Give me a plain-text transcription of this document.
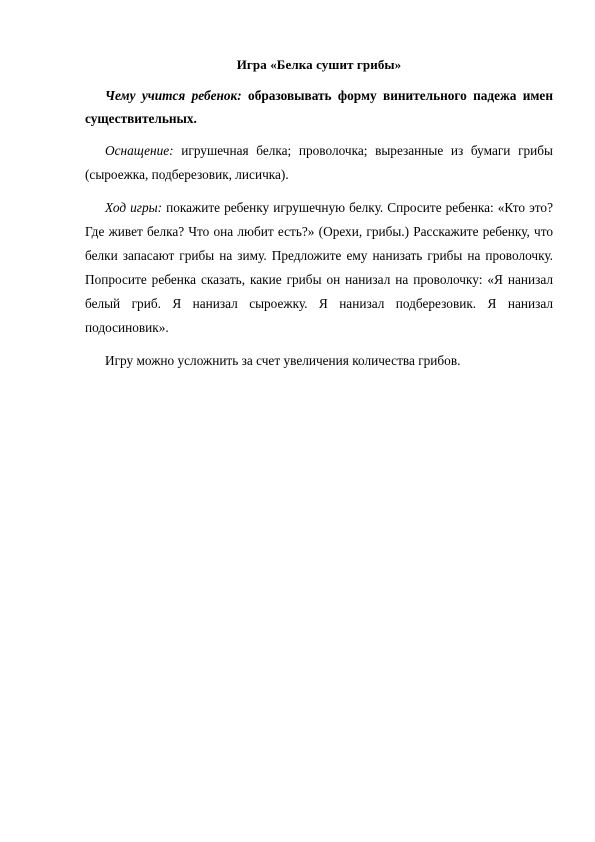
Игра «Белка сушит грибы»

Чему учится ребенок: образовывать форму винительного падежа имен существительных.

Оснащение: игрушечная белка; проволочка; вырезанные из бумаги грибы (сыроежка, подберезовик, лисичка).

Ход игры: покажите ребенку игрушечную белку. Спросите ребенка: «Кто это? Где живет белка? Что она любит есть?» (Орехи, грибы.) Расскажите ребенку, что белки запасают грибы на зиму. Предложите ему нанизать грибы на проволочку. Попросите ребенка сказать, какие грибы он нанизал на проволочку: «Я нанизал белый гриб. Я нанизал сыроежку. Я нанизал подберезовик. Я нанизал подосиновик».

Игру можно усложнить за счет увеличения количества грибов.
